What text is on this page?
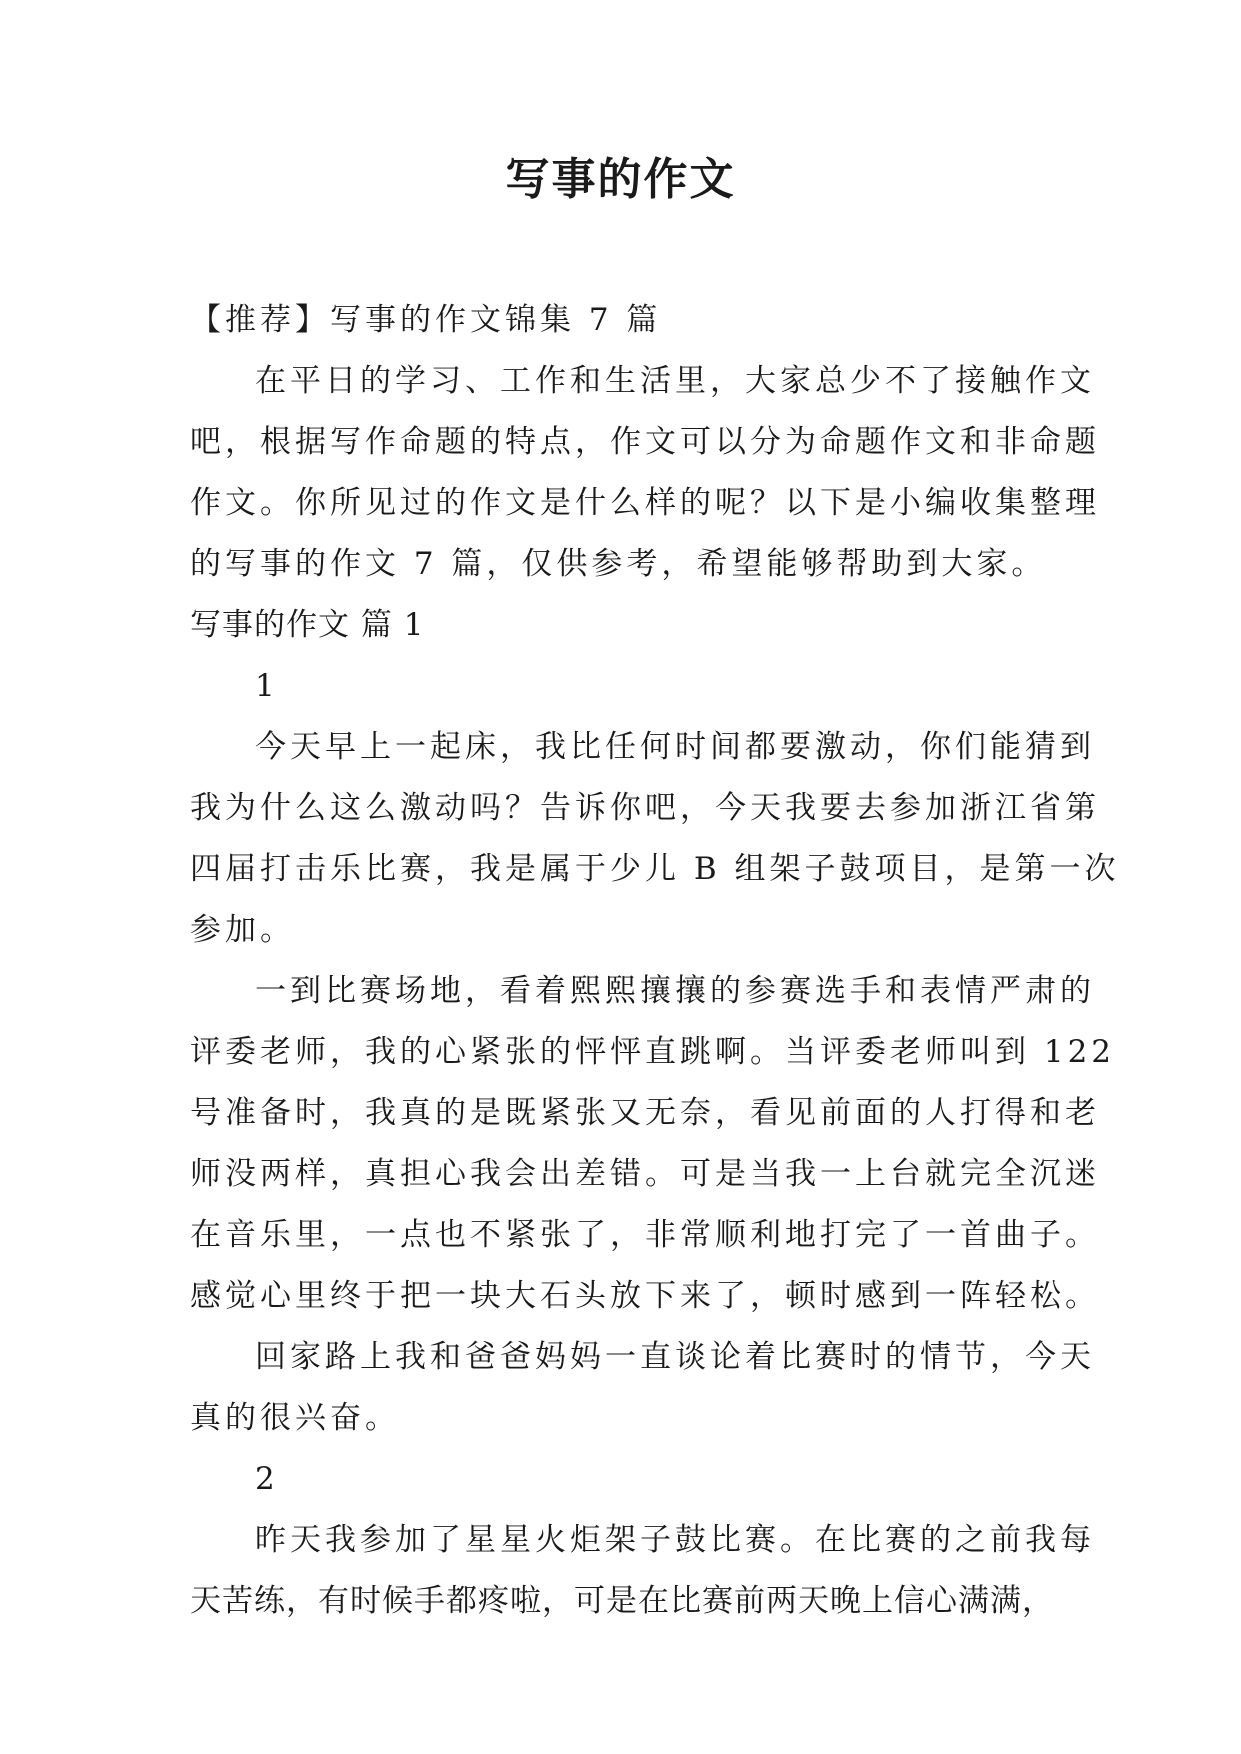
写事的作文

【推荐】写事的作文锦集 7 篇

在平日的学习、工作和生活里，大家总少不了接触作文

吧，根据写作命题的特点，作文可以分为命题作文和非命题

作文。你所见过的作文是什么样的呢？以下是小编收集整理

的写事的作文 7 篇，仅供参考，希望能够帮助到大家。

写事的作文 篇 1

1

今天早上一起床，我比任何时间都要激动，你们能猜到

我为什么这么激动吗？告诉你吧，今天我要去参加浙江省第

四届打击乐比赛，我是属于少儿 B 组架子鼓项目，是第一次

参加。

一到比赛场地，看着熙熙攘攘的参赛选手和表情严肃的

评委老师，我的心紧张的怦怦直跳啊。当评委老师叫到 122

号准备时，我真的是既紧张又无奈，看见前面的人打得和老

师没两样，真担心我会出差错。可是当我一上台就完全沉迷

在音乐里，一点也不紧张了，非常顺利地打完了一首曲子。

感觉心里终于把一块大石头放下来了，顿时感到一阵轻松。

回家路上我和爸爸妈妈一直谈论着比赛时的情节，今天

真的很兴奋。

2

昨天我参加了星星火炬架子鼓比赛。在比赛的之前我每

天苦练，有时候手都疼啦，可是在比赛前两天晚上信心满满，
